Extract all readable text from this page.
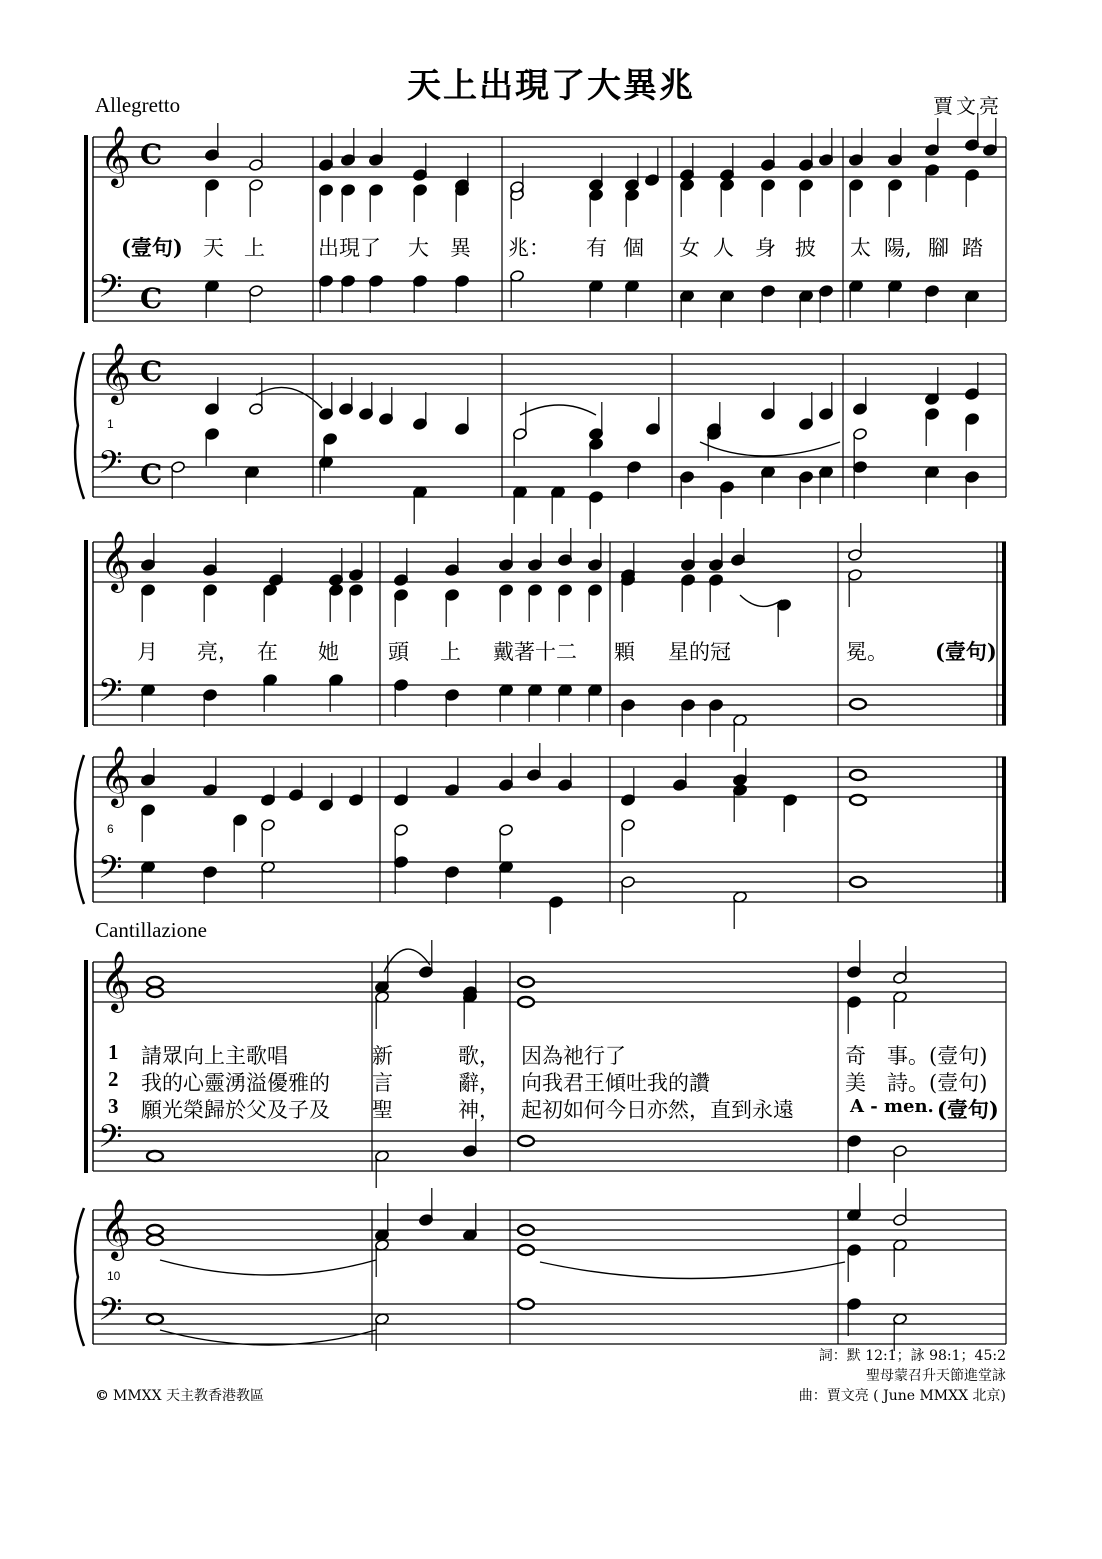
天上出現了大異兆	賈文亮
Allegretto
Cantillazione
𝄞
𝄢
C
C
𝄞
𝄢
C
C
𝄞
𝄢
𝄞
𝄢
𝄞
𝄢
𝄞
𝄢
1
6
10
(壹句) 天 上	出現了 大 異 兆： 有 個 女 人 身 披 太 陽, 腳 踏
月 亮， 在 她 頭 上 戴著十二 顆 星的冠	冕。 (壹句)
1 請眾向上主歌唱	新	歌， 因為祂行了	奇 事。(壹句)
2 我的心靈湧溢優雅的 言	辭， 向我君王傾吐我的讚	美 詩。(壹句)
3 願光榮歸於父及子及 聖	神， 起初如何今日亦然，直到永遠	A - men. (壹句)
詞：默 12:1；詠 98:1；45:2
聖母蒙召升天節進堂詠
曲：賈文亮 ( June MMXX 北京)
© MMXX 天主教香港教區
